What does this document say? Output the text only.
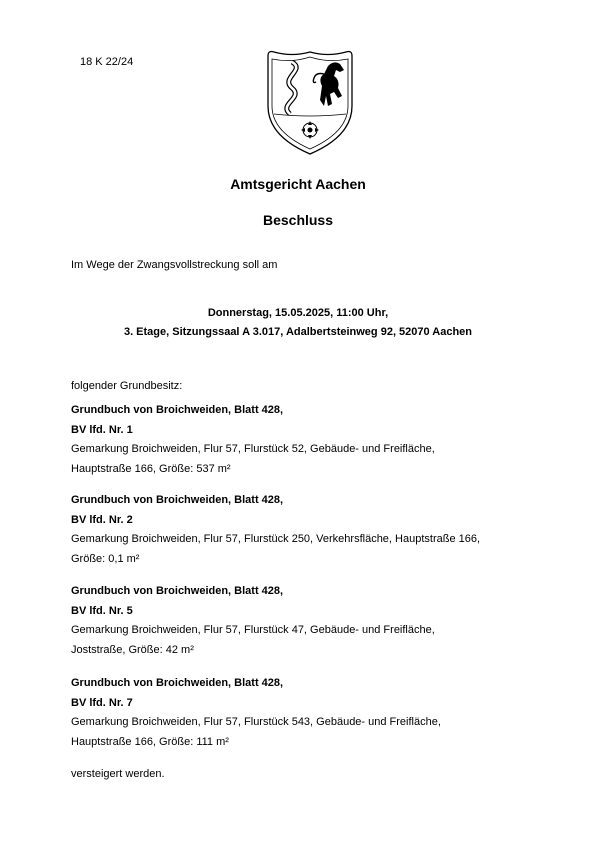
18 K 22/24
Amtsgericht Aachen
Beschluss
Im Wege der Zwangsvollstreckung soll am
Donnerstag, 15.05.2025, 11:00 Uhr,
3. Etage, Sitzungssaal A 3.017, Adalbertsteinweg 92, 52070 Aachen
folgender Grundbesitz:
Grundbuch von Broichweiden, Blatt 428,
BV lfd. Nr. 1
Gemarkung Broichweiden, Flur 57, Flurstück 52, Gebäude- und Freifläche,
Hauptstraße 166, Größe: 537 m²
Grundbuch von Broichweiden, Blatt 428,
BV lfd. Nr. 2
Gemarkung Broichweiden, Flur 57, Flurstück 250, Verkehrsfläche, Hauptstraße 166,
Größe: 0,1 m²
Grundbuch von Broichweiden, Blatt 428,
BV lfd. Nr. 5
Gemarkung Broichweiden, Flur 57, Flurstück 47, Gebäude- und Freifläche,
Joststraße, Größe: 42 m²
Grundbuch von Broichweiden, Blatt 428,
BV lfd. Nr. 7
Gemarkung Broichweiden, Flur 57, Flurstück 543, Gebäude- und Freifläche,
Hauptstraße 166, Größe: 111 m²
versteigert werden.
